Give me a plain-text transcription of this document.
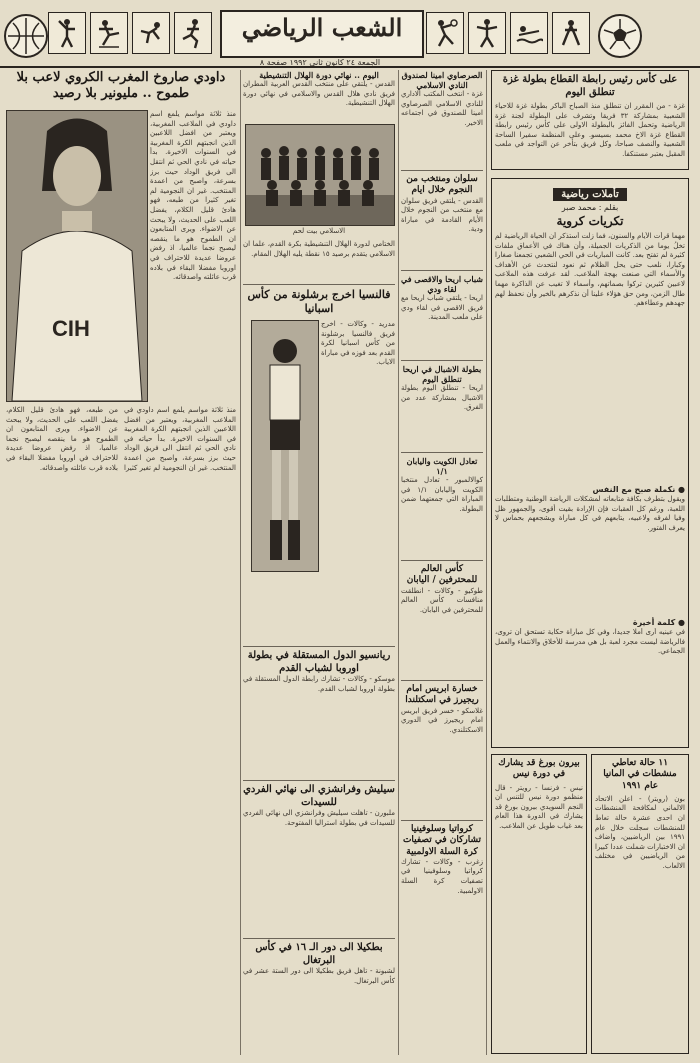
الشعب الرياضي
الجمعة ٢٤ كانون ثاني ١٩٩٢ صفحة ٨
على كأس رئيس رابطة القطاع بطولة غزة تنطلق اليوم
غزة - من المقرر ان تنطلق منذ الصباح الباكر بطولة غزة للاحياء الشعبية بمشاركة ٣٢ فريقا وتشرف على البطولة لجنة غزة الرياضية وتحمل الفائز بالبطولة الاولى على كأس رئيس رابطة القطاع غزة الاخ محمد بسيسو. وعلى المنظمة سفيرا الساحة الشعبية والنصف صباحا، وكل فريق بتأخر عن التواجد في ملعب المقبل بعتبر مستنكفا.
تأملات رياضية
بقلم : محمد صبر
تكريات كروية
مهما قرأت الأيام والسنون، فما زلت أستذكر أن الحياة الرياضية لم تخلُ يوما من الذكريات الجميلة، وأن هناك في الأعماق ملفات كثيرة لم تفتح بعد. كانت المباريات في الحي الشعبي تجمعنا صغارا وكبارا، نلعب حتى يحل الظلام ثم نعود لنتحدث عن الأهداف والأسماء التي صنعت بهجة الملاعب. لقد عرفت هذه الملاعب لاعبين كثيرين تركوا بصماتهم، وأسماء لا تغيب عن الذاكرة مهما طال الزمن، ومن حق هؤلاء علينا أن نذكرهم بالخير وأن نحفظ لهم جهدهم وعطاءهم.
● نكملة صبح مع النفس
ويقول بتطرف بكافة متابعاته لمشكلات الرياضة الوطنية ومتطلبات اللعبة، ورغم كل العقبات فإن الإرادة بقيت أقوى، والجمهور ظل وفيا لفرقه ولاعبيه، يتابعهم في كل مباراة ويشجعهم بحماس لا يعرف الفتور.
● كلمة أخيرة
في عينيه أرى أملا جديدا، وفي كل مباراة حكاية تستحق أن تروى، فالرياضة ليست مجرد لعبة بل هي مدرسة للأخلاق والانتماء والعمل الجماعي.
١١ حالة تعاطي منشطات في المانيا عام ١٩٩١
بون (رويتر) - اعلن الاتحاد الالماني لمكافحة المنشطات ان احدى عشرة حالة تعاط للمنشطات سجلت خلال عام ١٩٩١ بين الرياضيين، واضاف ان الاختبارات شملت عددا كبيرا من الرياضيين في مختلف الالعاب.
بيرون بورغ قد يشارك في دورة نيس
نيس - فرنسا - رويتر - قال منظمو دورة نيس للتنس ان النجم السويدي بيرون بورغ قد يشارك في الدورة هذا العام بعد غياب طويل عن الملاعب.
الصرصاوي امينا لصندوق النادي الاسلامي
غزة - انتخب المكتب الاداري للنادي الاسلامي الصرصاوي امينا للصندوق في اجتماعه الاخير.
سلوان ومنتخب من النجوم خلال ايام
القدس - يلتقي فريق سلوان مع منتخب من النجوم خلال الأيام القادمة في مباراة ودية.
شباب اريحا والاقصى في لقاء ودي
اريحا - يلتقي شباب اريحا مع فريق الاقصى في لقاء ودي على ملعب المدينة.
بطولة الاشبال في اريحا تنطلق اليوم
اريحا - تنطلق اليوم بطولة الاشبال بمشاركة عدد من الفرق.
تعادل الكويت واليابان ١/١
كوالالمبور - تعادل منتخبا الكويت واليابان ١/١ في المباراة التي جمعتهما ضمن البطولة.
كأس العالم للمحترفين / اليابان
طوكيو - وكالات - انطلقت منافسات كأس العالم للمحترفين في اليابان.
خسارة ابريس امام ريجيرز في اسكتلندا
غلاسكو - خسر فريق ابريس امام ريجيرز في الدوري الاسكتلندي.
كرواتيا وسلوفينيا تشاركان في تصفيات كرة السلة الاولمبية
زغرب - وكالات - تشارك كرواتيا وسلوفينيا في تصفيات كرة السلة الاولمبية.
اليوم .. نهائي دورة الهلال التنشيطية
القدس - يلتقي على منتخب القدس العربية المطران فريق نادي هلال القدس والاسلامي في نهائي دورة الهلال التنشيطية.
الاسلامي بيت لحم
الختامي لدورة الهلال التنشيطية بكرة القدم، علما ان الاسلامي يتقدم برصيد ١٥ نقطة يليه الهلال المقام.
فالنسيا اخرج برشلونة من كأس اسبانيا
مدريد - وكالات - اخرج فريق فالنسيا برشلونة من كأس اسبانيا لكرة القدم بعد فوزه في مباراة الاياب.
ريانسيو الدول المستقلة في بطولة اوروبا لشباب القدم
موسكو - وكالات - تشارك رابطة الدول المستقلة في بطولة اوروبا لشباب القدم.
سيليش وفرانشزي الى نهائي الفردي للسيدات
ملبورن - تأهلت سيليش وفرانشزي الى نهائي الفردي للسيدات في بطولة استراليا المفتوحة.
بطكيلا الى دور الـ ١٦ في كأس البرتغال
لشبونة - تأهل فريق بطكيلا الى دور الستة عشر في كأس البرتغال.
داودي صاروخ المغرب الكروي لاعب بلا طموح .. مليونير بلا رصيد
CIH
منذ ثلاثة مواسم يلمع اسم داودي في الملاعب المغربية، ويعتبر من افضل اللاعبين الذين انجبتهم الكرة المغربية في السنوات الاخيرة. بدأ حياته في نادي الحي ثم انتقل الى فريق الوداد حيث برز بسرعة، واصبح من اعمدة المنتخب. غير ان النجومية لم تغير كثيرا من طبعه، فهو هادئ قليل الكلام، يفضل اللعب على الحديث، ولا يبحث عن الاضواء. ويرى المتابعون ان الطموح هو ما ينقصه ليصبح نجما عالميا، اذ رفض عروضا عديدة للاحتراف في اوروبا مفضلا البقاء في بلاده قرب عائلته واصدقائه.
منذ ثلاثة مواسم يلمع اسم داودي في الملاعب المغربية، ويعتبر من افضل اللاعبين الذين انجبتهم الكرة المغربية في السنوات الاخيرة. بدأ حياته في نادي الحي ثم انتقل الى فريق الوداد حيث برز بسرعة، واصبح من اعمدة المنتخب. غير ان النجومية لم تغير كثيرا من طبعه، فهو هادئ قليل الكلام، يفضل اللعب على الحديث، ولا يبحث عن الاضواء. ويرى المتابعون ان الطموح هو ما ينقصه ليصبح نجما عالميا، اذ رفض عروضا عديدة للاحتراف في اوروبا مفضلا البقاء في بلاده قرب عائلته واصدقائه.
